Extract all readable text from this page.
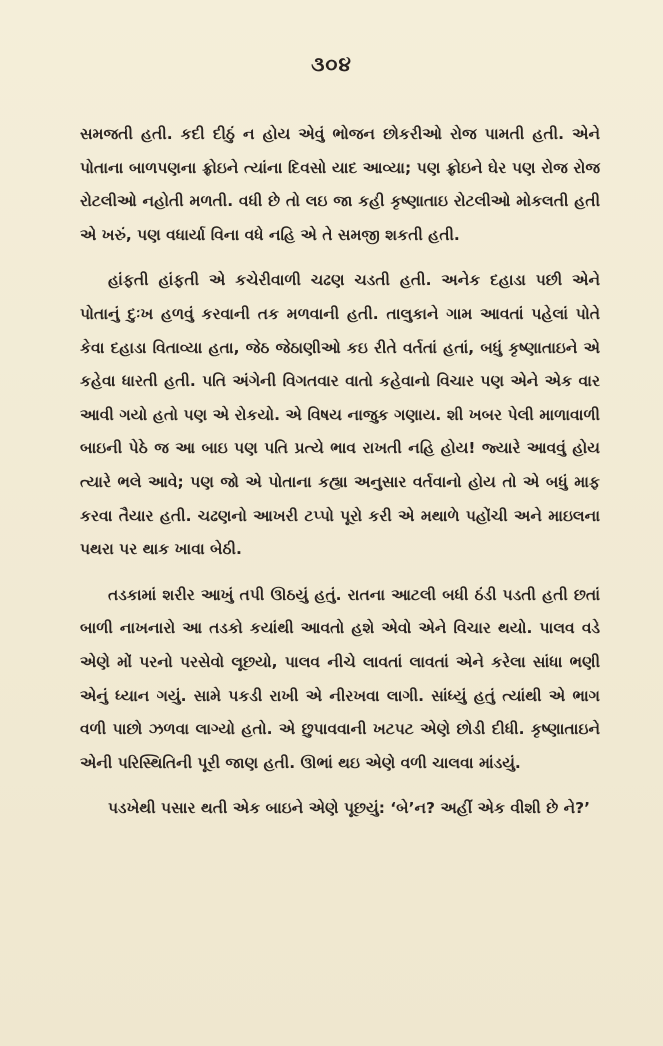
૩૦૪

સમજતી હતી. કદી દીઠું ન હોય એવું ભોજન છોકરીઓ રોજ પામતી હતી. એને પોતાના બાળપણના ફ્રોઇને ત્યાંના દિવસો યાદ આવ્યા; પણ ફ્રોઇને ઘેર પણ રોજ રોજ રોટલીઓ નહોતી મળતી. વધી છે તો લઇ જા કહી કૃષ્ણાતાઇ રોટલીઓ મોકલતી હતી એ ખરું, પણ વધાર્યા વિના વધે નહિ એ તે સમજી શકતી હતી.

હાંફતી હાંફતી એ કચેરીવાળી ચઢણ ચડતી હતી. અનેક દહાડા પછી એને પોતાનું દુઃખ હળવું કરવાની તક મળવાની હતી. તાલુકાને ગામ આવતાં પહેલાં પોતે કેવા દહાડા વિતાવ્યા હતા, જેઠ જેઠાણીઓ કઇ રીતે વર્તતાં હતાં, બધું કૃષ્ણાતાઇને એ કહેવા ધારતી હતી. પતિ અંગેની વિગતવાર વાતો કહેવાનો વિચાર પણ એને એક વાર આવી ગયો હતો પણ એ રોકયો. એ વિષય નાજુક ગણાય. શી ખબર પેલી માળાવાળી બાઇની પેઠે જ આ બાઇ પણ પતિ પ્રત્યે ભાવ રાખતી નહિ હોય! જ્યારે આવવું હોય ત્યારે ભલે આવે; પણ જો એ પોતાના કહ્યા અનુસાર વર્તવાનો હોય તો એ બધું માફ કરવા તૈયાર હતી. ચઢણનો આખરી ટપ્પો પૂરો કરી એ મથાળે પહોંચી અને માઇલના પથરા પર થાક ખાવા બેઠી.

તડકામાં શરીર આખું તપી ઊઠયું હતું. રાતના આટલી બધી ઠંડી પડતી હતી છતાં બાળી નાખનારો આ તડકો કયાંથી આવતો હશે એવો એને વિચાર થયો. પાલવ વડે એણે મોં પરનો પરસેવો લૂછયો, પાલવ નીચે લાવતાં લાવતાં એને કરેલા સાંધા ભણી એનું ધ્યાન ગયું. સામે પકડી રાખી એ નીરખવા લાગી. સાંધ્યું હતું ત્યાંથી એ ભાગ વળી પાછો ઝળવા લાગ્યો હતો. એ છુપાવવાની ખટપટ એણે છોડી દીધી. કૃષ્ણાતાઇને એની પરિસ્થિતિની પૂરી જાણ હતી. ઊભાં થઇ એણે વળી ચાલવા માંડયું.

પડખેથી પસાર થતી એક બાઇને એણે પૂછયું: ‘બે’ન? અહીં એક વીશી છે ને?’
